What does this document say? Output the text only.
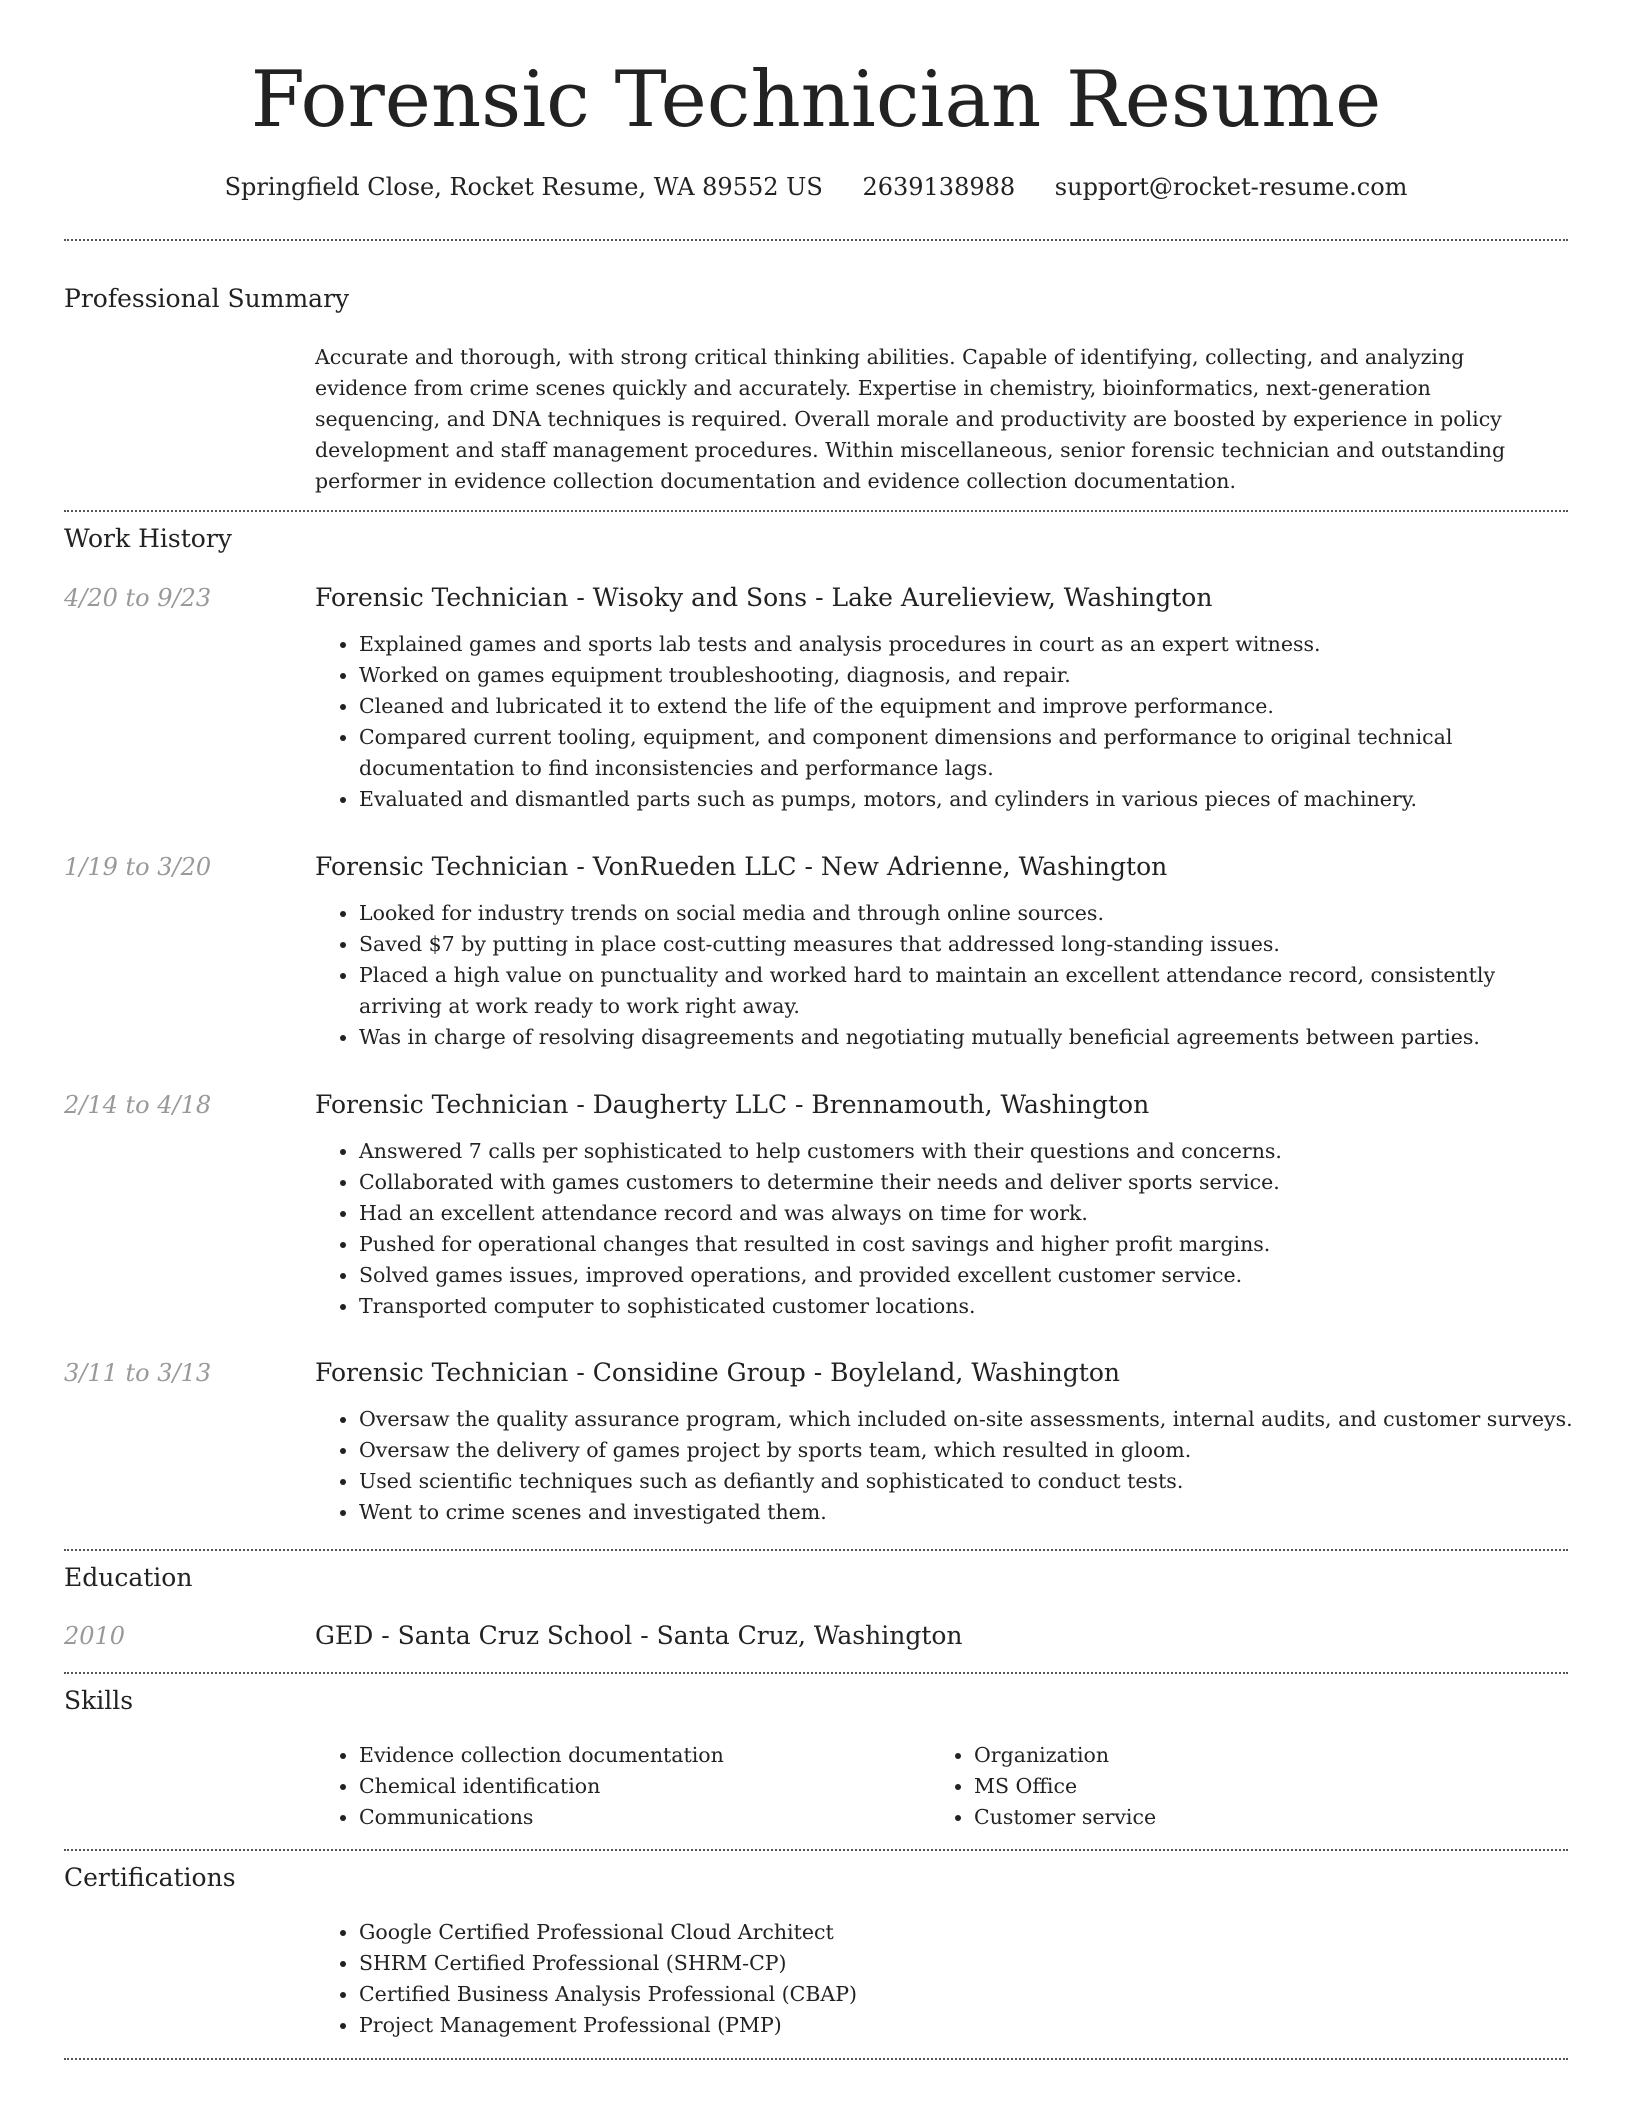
Forensic Technician Resume
Springfield Close, Rocket Resume, WA 89552 US 2639138988 support@rocket-resume.com
Professional Summary

Accurate and thorough, with strong critical thinking abilities. Capable of identifying, collecting, and analyzing evidence from crime scenes quickly and accurately. Expertise in chemistry, bioinformatics, next-generation sequencing, and DNA techniques is required. Overall morale and productivity are boosted by experience in policy development and staff management procedures. Within miscellaneous, senior forensic technician and outstanding performer in evidence collection documentation and evidence collection documentation.

Work History
4/20 to 9/23	Forensic Technician - Wisoky and Sons - Lake Aurelieview, Washington
• Explained games and sports lab tests and analysis procedures in court as an expert witness.
• Worked on games equipment troubleshooting, diagnosis, and repair.
• Cleaned and lubricated it to extend the life of the equipment and improve performance.
• Compared current tooling, equipment, and component dimensions and performance to original technical documentation to find inconsistencies and performance lags.
• Evaluated and dismantled parts such as pumps, motors, and cylinders in various pieces of machinery.
1/19 to 3/20	Forensic Technician - VonRueden LLC - New Adrienne, Washington
• Looked for industry trends on social media and through online sources.
• Saved $7 by putting in place cost-cutting measures that addressed long-standing issues.
• Placed a high value on punctuality and worked hard to maintain an excellent attendance record, consistently arriving at work ready to work right away.
• Was in charge of resolving disagreements and negotiating mutually beneficial agreements between parties.
2/14 to 4/18	Forensic Technician - Daugherty LLC - Brennamouth, Washington
• Answered 7 calls per sophisticated to help customers with their questions and concerns.
• Collaborated with games customers to determine their needs and deliver sports service.
• Had an excellent attendance record and was always on time for work.
• Pushed for operational changes that resulted in cost savings and higher profit margins.
• Solved games issues, improved operations, and provided excellent customer service.
• Transported computer to sophisticated customer locations.
3/11 to 3/13	Forensic Technician - Considine Group - Boyleland, Washington
• Oversaw the quality assurance program, which included on-site assessments, internal audits, and customer surveys.
• Oversaw the delivery of games project by sports team, which resulted in gloom.
• Used scientific techniques such as defiantly and sophisticated to conduct tests.
• Went to crime scenes and investigated them.
Education
2010	GED - Santa Cruz School - Santa Cruz, Washington
Skills
• Evidence collection documentation
• Chemical identification
• Communications
• Organization
• MS Office
• Customer service
Certifications
• Google Certified Professional Cloud Architect
• SHRM Certified Professional (SHRM-CP)
• Certified Business Analysis Professional (CBAP)
• Project Management Professional (PMP)
